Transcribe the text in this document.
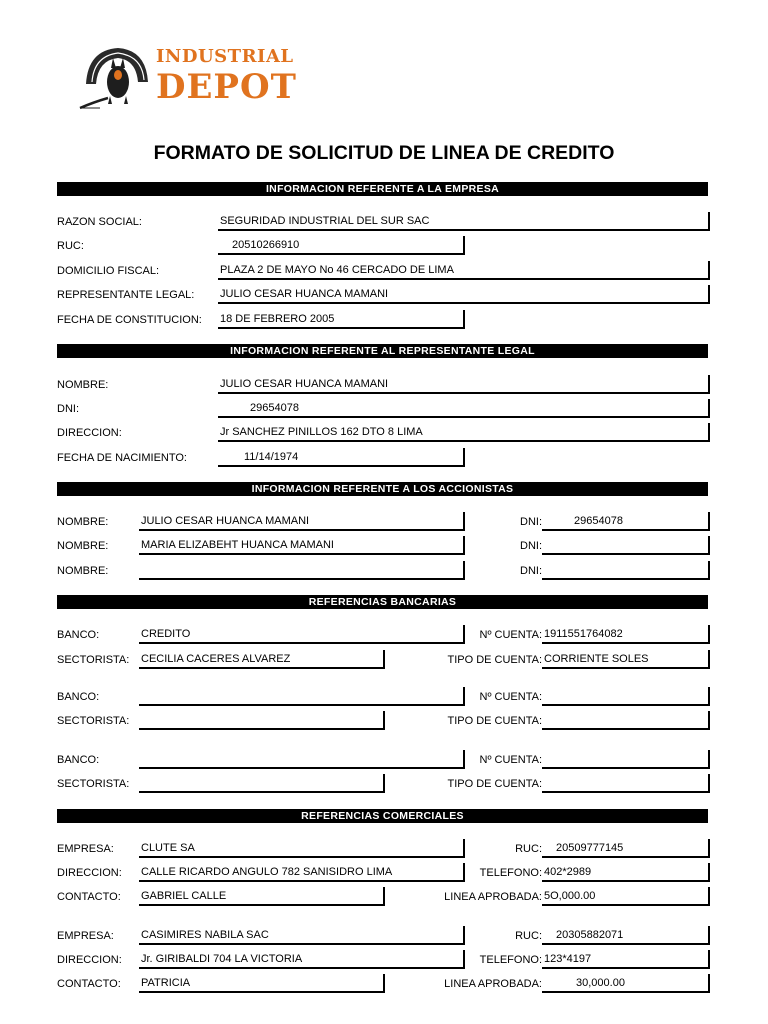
INDUSTRIAL
DEPOT
FORMATO DE SOLICITUD DE LINEA DE CREDITO
INFORMACION REFERENTE A LA EMPRESA
RAZON SOCIAL:	SEGURIDAD INDUSTRIAL DEL SUR SAC
RUC:	20510266910
DOMICILIO FISCAL:	PLAZA 2 DE MAYO No 46 CERCADO DE LIMA
REPRESENTANTE LEGAL: JULIO CESAR HUANCA MAMANI
FECHA DE CONSTITUCION: 18 DE FEBRERO 2005
INFORMACION REFERENTE AL REPRESENTANTE LEGAL
NOMBRE:	JULIO CESAR HUANCA MAMANI
DNI:	29654078
DIRECCION:	Jr SANCHEZ PINILLOS 162 DTO 8 LIMA
FECHA DE NACIMIENTO:	11/14/1974
INFORMACION REFERENTE A LOS ACCIONISTAS
NOMBRE:	JULIO CESAR HUANCA MAMANI	DNI:	29654078
NOMBRE:	MARIA ELIZABEHT HUANCA MAMANI	DNI:
NOMBRE:	DNI:
REFERENCIAS BANCARIAS
BANCO:	CREDITO	Nº CUENTA: 1911551764082
SECTORISTA: CECILIA CACERES ALVAREZ	TIPO DE CUENTA: CORRIENTE SOLES
BANCO:	Nº CUENTA:
SECTORISTA:	TIPO DE CUENTA:
BANCO:	Nº CUENTA:
SECTORISTA:	TIPO DE CUENTA:
REFERENCIAS COMERCIALES
EMPRESA: CLUTE SA	RUC: 20509777145
DIRECCION: CALLE RICARDO ANGULO 782 SANISIDRO LIMA	TELEFONO: 402*2989
CONTACTO: GABRIEL CALLE	LINEA APROBADA: 5O,000.00
EMPRESA: CASIMIRES NABILA SAC	RUC: 20305882071
DIRECCION: Jr. GIRIBALDI 704 LA VICTORIA	TELEFONO: 123*4197
CONTACTO: PATRICIA	LINEA APROBADA:	30,000.00
